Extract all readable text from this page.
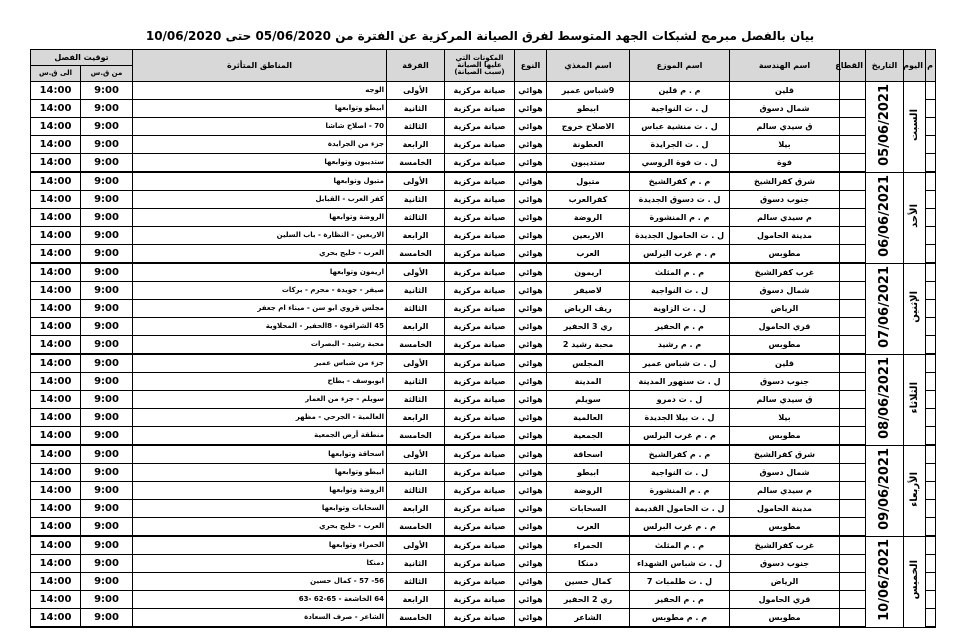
بيان بالفصل مبرمج لشبكات الجهد المتوسط لفرق الصيانة المركزية عن الفترة من 05/06/2020 حتى 10/06/2020
م	اليوم	التاريخ	القطاع	اسم الهندسة	اسم الموزع	اسم المغذي	النوع	المكونات التي عليها الصيانة (سبب الصيانة)	الفرقة	المناطق المتأثرة	توقيت الفصل	
											من ق.س	الى ق.س
	السبت	05/06/2021		قلين	م . م قلين	9شباس عمير	هوائي	صيانة مركزية	الأولى	الوجه	9:00	14:00
				شمال دسوق	ل . ت النواجية	ابيطو	هوائي	صيانة مركزية	الثانية	ابيطو وتوابعها	9:00	14:00
				ق سيدي سالم	ل . ت منشية عباس	الاصلاح خروج	هوائي	صيانة مركزية	الثالثة	70 - اصلاح شاشا	9:00	14:00
				بيلا	ل . ت الجرايدة	العطونة	هوائي	صيانة مركزية	الرابعة	جزء من الجرايدة	9:00	14:00
				فوة	ل . ت فوة الروسي	ستديبون	هوائي	صيانة مركزية	الخامسة	ستديبون وتوابعها	9:00	14:00
	الأحد	06/06/2021		شرق كفرالشيخ	م . م كفرالشيخ	متبول	هوائي	صيانة مركزية	الأولى	متبول وتوابعها	9:00	14:00
				جنوب دسوق	ل . ت دسوق الجديدة	كفرالعرب	هوائي	صيانة مركزية	الثانية	كفر العرب - القبابل	9:00	14:00
				م سيدي سالم	م . م المنشورة	الروضة	هوائي	صيانة مركزية	الثالثة	الروضة وتوابعها	9:00	14:00
				مدينة الحامول	ل . ت الحامول الجديدة	الاربعين	هوائي	صيانة مركزية	الرابعة	الاربعين - النظارة - باب السلين	9:00	14:00
				مطوبس	م . م غرب البرلس	العرب	هوائي	صيانة مركزية	الخامسة	العرب - خليج بحري	9:00	14:00
	الإثنين	07/06/2021		غرب كفرالشيخ	م . م المثلث	اريمون	هوائي	صيانة مركزية	الأولى	اريمون وتوابعها	9:00	14:00
				شمال دسوق	ل . ت النواجية	لاصيفر	هوائي	صيانة مركزية	الثانية	صيفر - جويدة - محرم - بركات	9:00	14:00
				الرياض	ل . ت الزاوية	ريف الرياض	هوائي	صيانة مركزية	الثالثة	مجلس قروي ابو سن - ميناء ام جعفر	9:00	14:00
				قري الحامول	م . م الحفير	ري 3 الحفير	هوائي	صيانة مركزية	الرابعة	45 الشراقوة - 8الحفير - المحلاوية	9:00	14:00
				مطوبس	م . م رشيد	محبة رشيد 2	هوائي	صيانة مركزية	الخامسة	محبة رشيد - البصرات	9:00	14:00
	الثلاثاء	08/06/2021		قلين	ل . ت شباس عمير	المجلس	هوائي	صيانة مركزية	الأولى	جزء من شباس عمير	9:00	14:00
				جنوب دسوق	ل . ت سنهور المدينة	المدينة	هوائي	صيانة مركزية	الثانية	ابوبوسف - بطاح	9:00	14:00
				ق سيدي سالم	ل . ت دمرو	سويلم	هوائي	صيانة مركزية	الثالثة	سويلم - جزء من العمار	9:00	14:00
				بيلا	ل . ت بيلا الجديدة	العالمية	هوائي	صيانة مركزية	الرابعة	العالمية - الجرحي - مظهر	9:00	14:00
				مطوبس	م . م غرب البرلس	الجمعية	هوائي	صيانة مركزية	الخامسة	منطقة أرض الجمعية	9:00	14:00
	الأربعاء	09/06/2021		شرق كفرالشيخ	م . م كفرالشيخ	اسحاقة	هوائي	صيانة مركزية	الأولى	اسحاقة وتوابعها	9:00	14:00
				شمال دسوق	ل . ت النواجية	ابيطو	هوائي	صيانة مركزية	الثانية	ابيطو وتوابعها	9:00	14:00
				م سيدي سالم	م . م المنشورة	الروضة	هوائي	صيانة مركزية	الثالثة	الروضة وتوابعها	9:00	14:00
				مدينة الحامول	ل . ت الحامول القديمة	السحابات	هوائي	صيانة مركزية	الرابعة	السحابات وتوابعها	9:00	14:00
				مطوبس	م . م غرب البرلس	العرب	هوائي	صيانة مركزية	الخامسة	العرب - خليج بحري	9:00	14:00
	الخميس	10/06/2021		غرب كفرالشيخ	م . م المثلث	الحمراء	هوائي	صيانة مركزية	الأولى	الحمراء وتوابعها	9:00	14:00
				جنوب دسوق	ل . ت شباس الشهداء	دمنكا	هوائي	صيانة مركزية	الثانية	دمنكا	9:00	14:00
				الرياض	ل . ت طلمبات 7	كمال حسين	هوائي	صيانة مركزية	الثالثة	56- 57 - كمال حسين	9:00	14:00
				قري الحامول	م . م الحفير	ري 2 الحفير	هوائي	صيانة مركزية	الرابعة	64 الخاشعة - 65-62 -63	9:00	14:00
				مطوبس	م . م مطوبس	الشاعر	هوائي	صيانة مركزية	الخامسة	الشاعر - صرف السعادة	9:00	14:00
